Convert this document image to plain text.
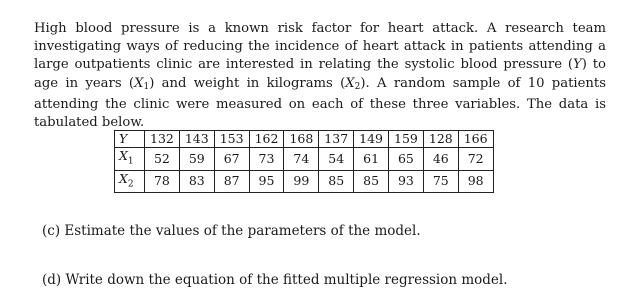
High blood pressure is a known risk factor for heart attack. A research team investigating ways of reducing the incidence of heart attack in patients attending a large outpatients clinic are interested in relating the systolic blood pressure (Y) to age in years $(X_1)$ and weight in kilograms $(X_2)$. A random sample of 10 patients attending the clinic were measured on each of these three variables. The data is tabulated below.

Y	132	143	153	162	168	137	149	159	128	166
$X_1$	52	59	67	73	74	54	61	65	46	72
$X_2$	78	83	87	95	99	85	85	93	75	98

(c) Estimate the values of the parameters of the model.

(d) Write down the equation of the fitted multiple regression model.
